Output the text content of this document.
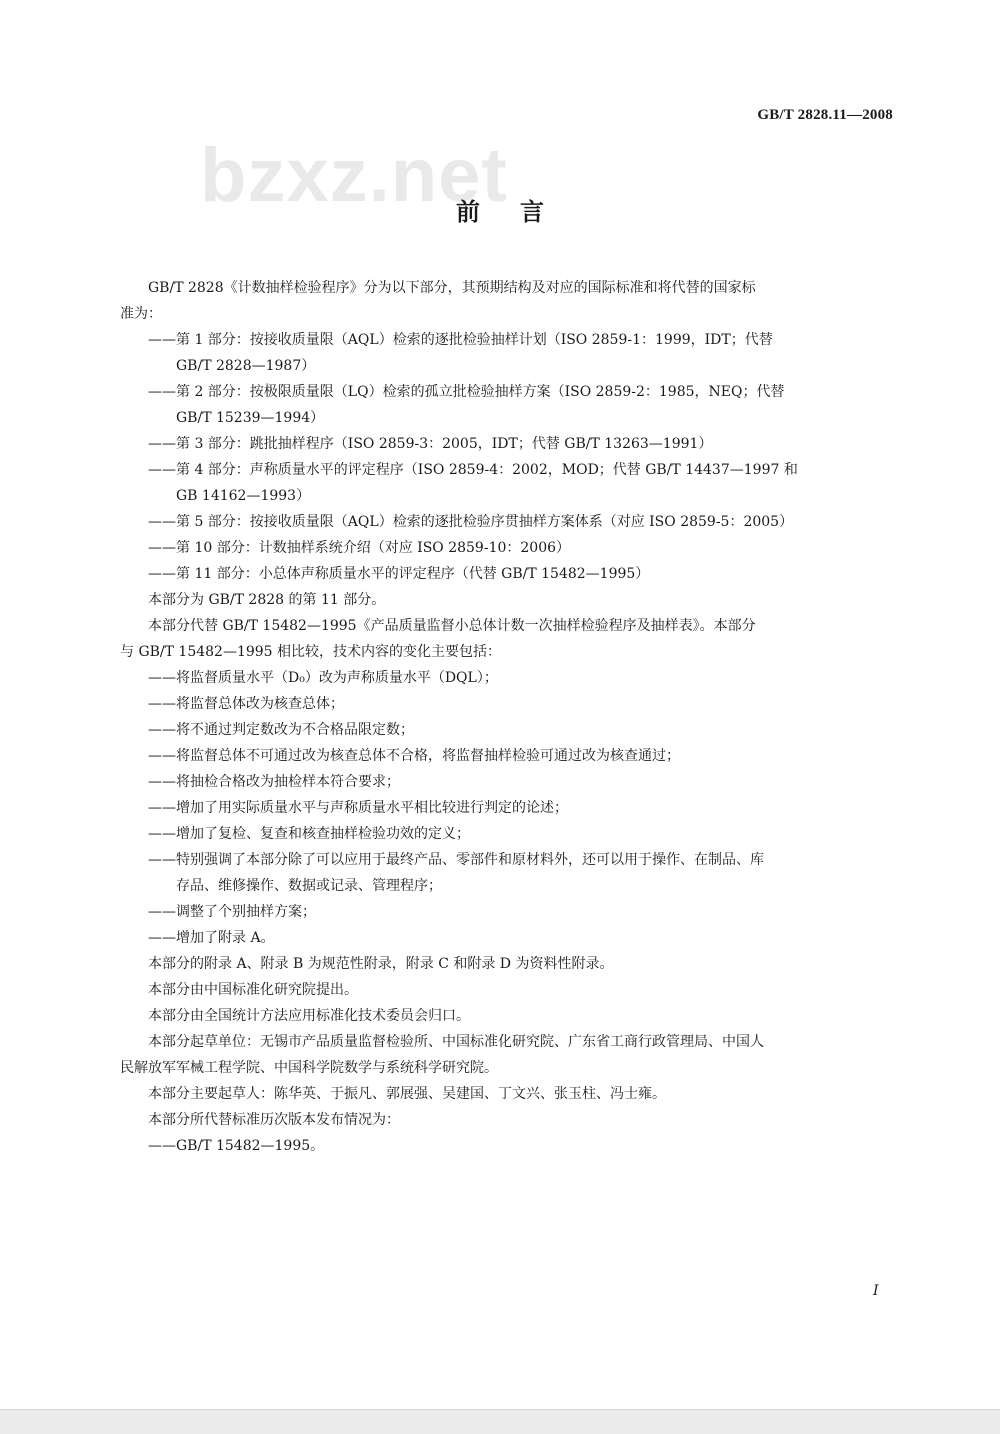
GB/T 2828.11—2008
bzxz.net
前言

GB/T 2828《计数抽样检验程序》分为以下部分，其预期结构及对应的国际标准和将代替的国家标

准为：

——第 1 部分：按接收质量限（AQL）检索的逐批检验抽样计划（ISO 2859-1：1999，IDT；代替
GB/T 2828—1987）
——第 2 部分：按极限质量限（LQ）检索的孤立批检验抽样方案（ISO 2859-2：1985，NEQ；代替
GB/T 15239—1994）
——第 3 部分：跳批抽样程序（ISO 2859-3：2005，IDT；代替 GB/T 13263—1991）
——第 4 部分：声称质量水平的评定程序（ISO 2859-4：2002，MOD；代替 GB/T 14437—1997 和
GB 14162—1993）
——第 5 部分：按接收质量限（AQL）检索的逐批检验序贯抽样方案体系（对应 ISO 2859-5：2005）
——第 10 部分：计数抽样系统介绍（对应 ISO 2859-10：2006）
——第 11 部分：小总体声称质量水平的评定程序（代替 GB/T 15482—1995）

本部分为 GB/T 2828 的第 11 部分。

本部分代替 GB/T 15482—1995《产品质量监督小总体计数一次抽样检验程序及抽样表》。本部分

与 GB/T 15482—1995 相比较，技术内容的变化主要包括：

——将监督质量水平（D₀）改为声称质量水平（DQL）；
——将监督总体改为核查总体；
——将不通过判定数改为不合格品限定数；
——将监督总体不可通过改为核查总体不合格，将监督抽样检验可通过改为核查通过；
——将抽检合格改为抽检样本符合要求；
——增加了用实际质量水平与声称质量水平相比较进行判定的论述；
——增加了复检、复查和核查抽样检验功效的定义；
——特别强调了本部分除了可以应用于最终产品、零部件和原材料外，还可以用于操作、在制品、库
存品、维修操作、数据或记录、管理程序；
——调整了个别抽样方案；
——增加了附录 A。

本部分的附录 A、附录 B 为规范性附录，附录 C 和附录 D 为资料性附录。

本部分由中国标准化研究院提出。

本部分由全国统计方法应用标准化技术委员会归口。

本部分起草单位：无锡市产品质量监督检验所、中国标准化研究院、广东省工商行政管理局、中国人

民解放军军械工程学院、中国科学院数学与系统科学研究院。

本部分主要起草人：陈华英、于振凡、郭展强、吴建国、丁文兴、张玉柱、冯士雍。

本部分所代替标准历次版本发布情况为：

——GB/T 15482—1995。
I
